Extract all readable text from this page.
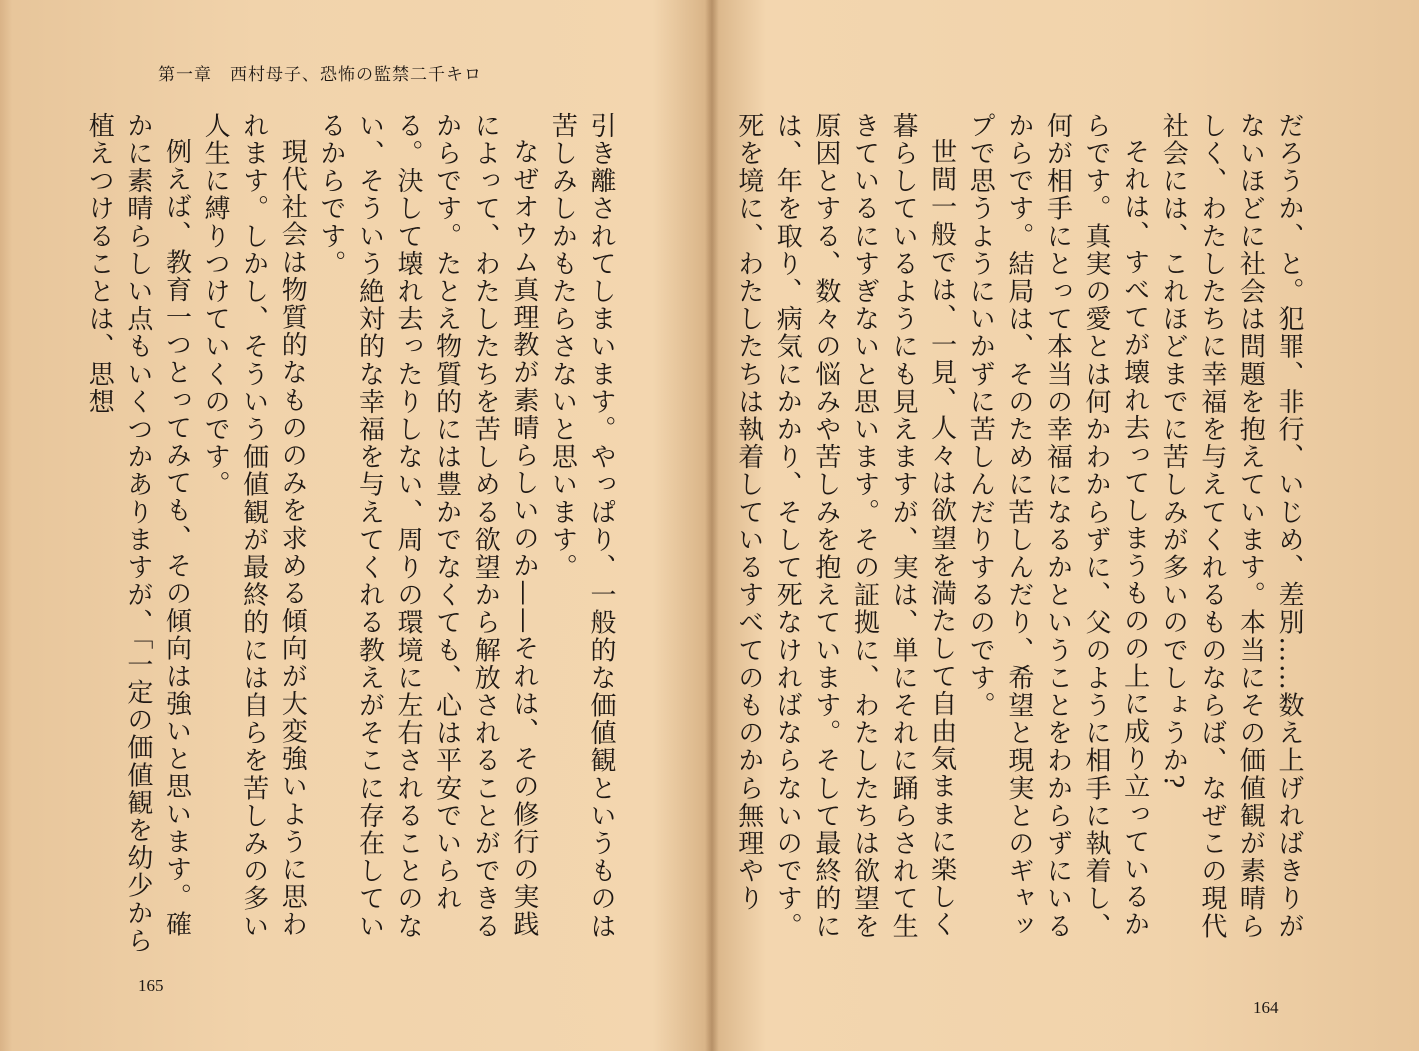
第一章　西村母子、恐怖の監禁二千キロ

引き離されてしまいます。やっぱり、一般的な価値観というものは苦しみしかもたらさないと思います。

なぜオウム真理教が素晴らしいのか——それは、その修行の実践によって、わたしたちを苦しめる欲望から解放されることができるからです。たとえ物質的には豊かでなくても、心は平安でいられる。決して壊れ去ったりしない、周りの環境に左右されることのない、そういう絶対的な幸福を与えてくれる教えがそこに存在しているからです。

現代社会は物質的なもののみを求める傾向が大変強いように思われます。しかし、そういう価値観が最終的には自らを苦しみの多い人生に縛りつけていくのです。

例えば、教育一つとってみても、その傾向は強いと思います。確かに素晴らしい点もいくつかありますが、「一定の価値観を幼少から植えつけることは、思想

165

だろうか、と。犯罪、非行、いじめ、差別……数え上げればきりがないほどに社会は問題を抱えています。本当にその価値観が素晴らしく、わたしたちに幸福を与えてくれるものならば、なぜこの現代社会には、これほどまでに苦しみが多いのでしょうか?

それは、すべてが壊れ去ってしまうものの上に成り立っているからです。真実の愛とは何かわからずに、父のように相手に執着し、何が相手にとって本当の幸福になるかということをわからずにいるからです。結局は、そのために苦しんだり、希望と現実とのギャップで思うようにいかずに苦しんだりするのです。

世間一般では、一見、人々は欲望を満たして自由気ままに楽しく暮らしているようにも見えますが、実は、単にそれに踊らされて生きているにすぎないと思います。その証拠に、わたしたちは欲望を原因とする、数々の悩みや苦しみを抱えています。そして最終的には、年を取り、病気にかかり、そして死なければならないのです。死を境に、わたしたちは執着しているすべてのものから無理やり

164
